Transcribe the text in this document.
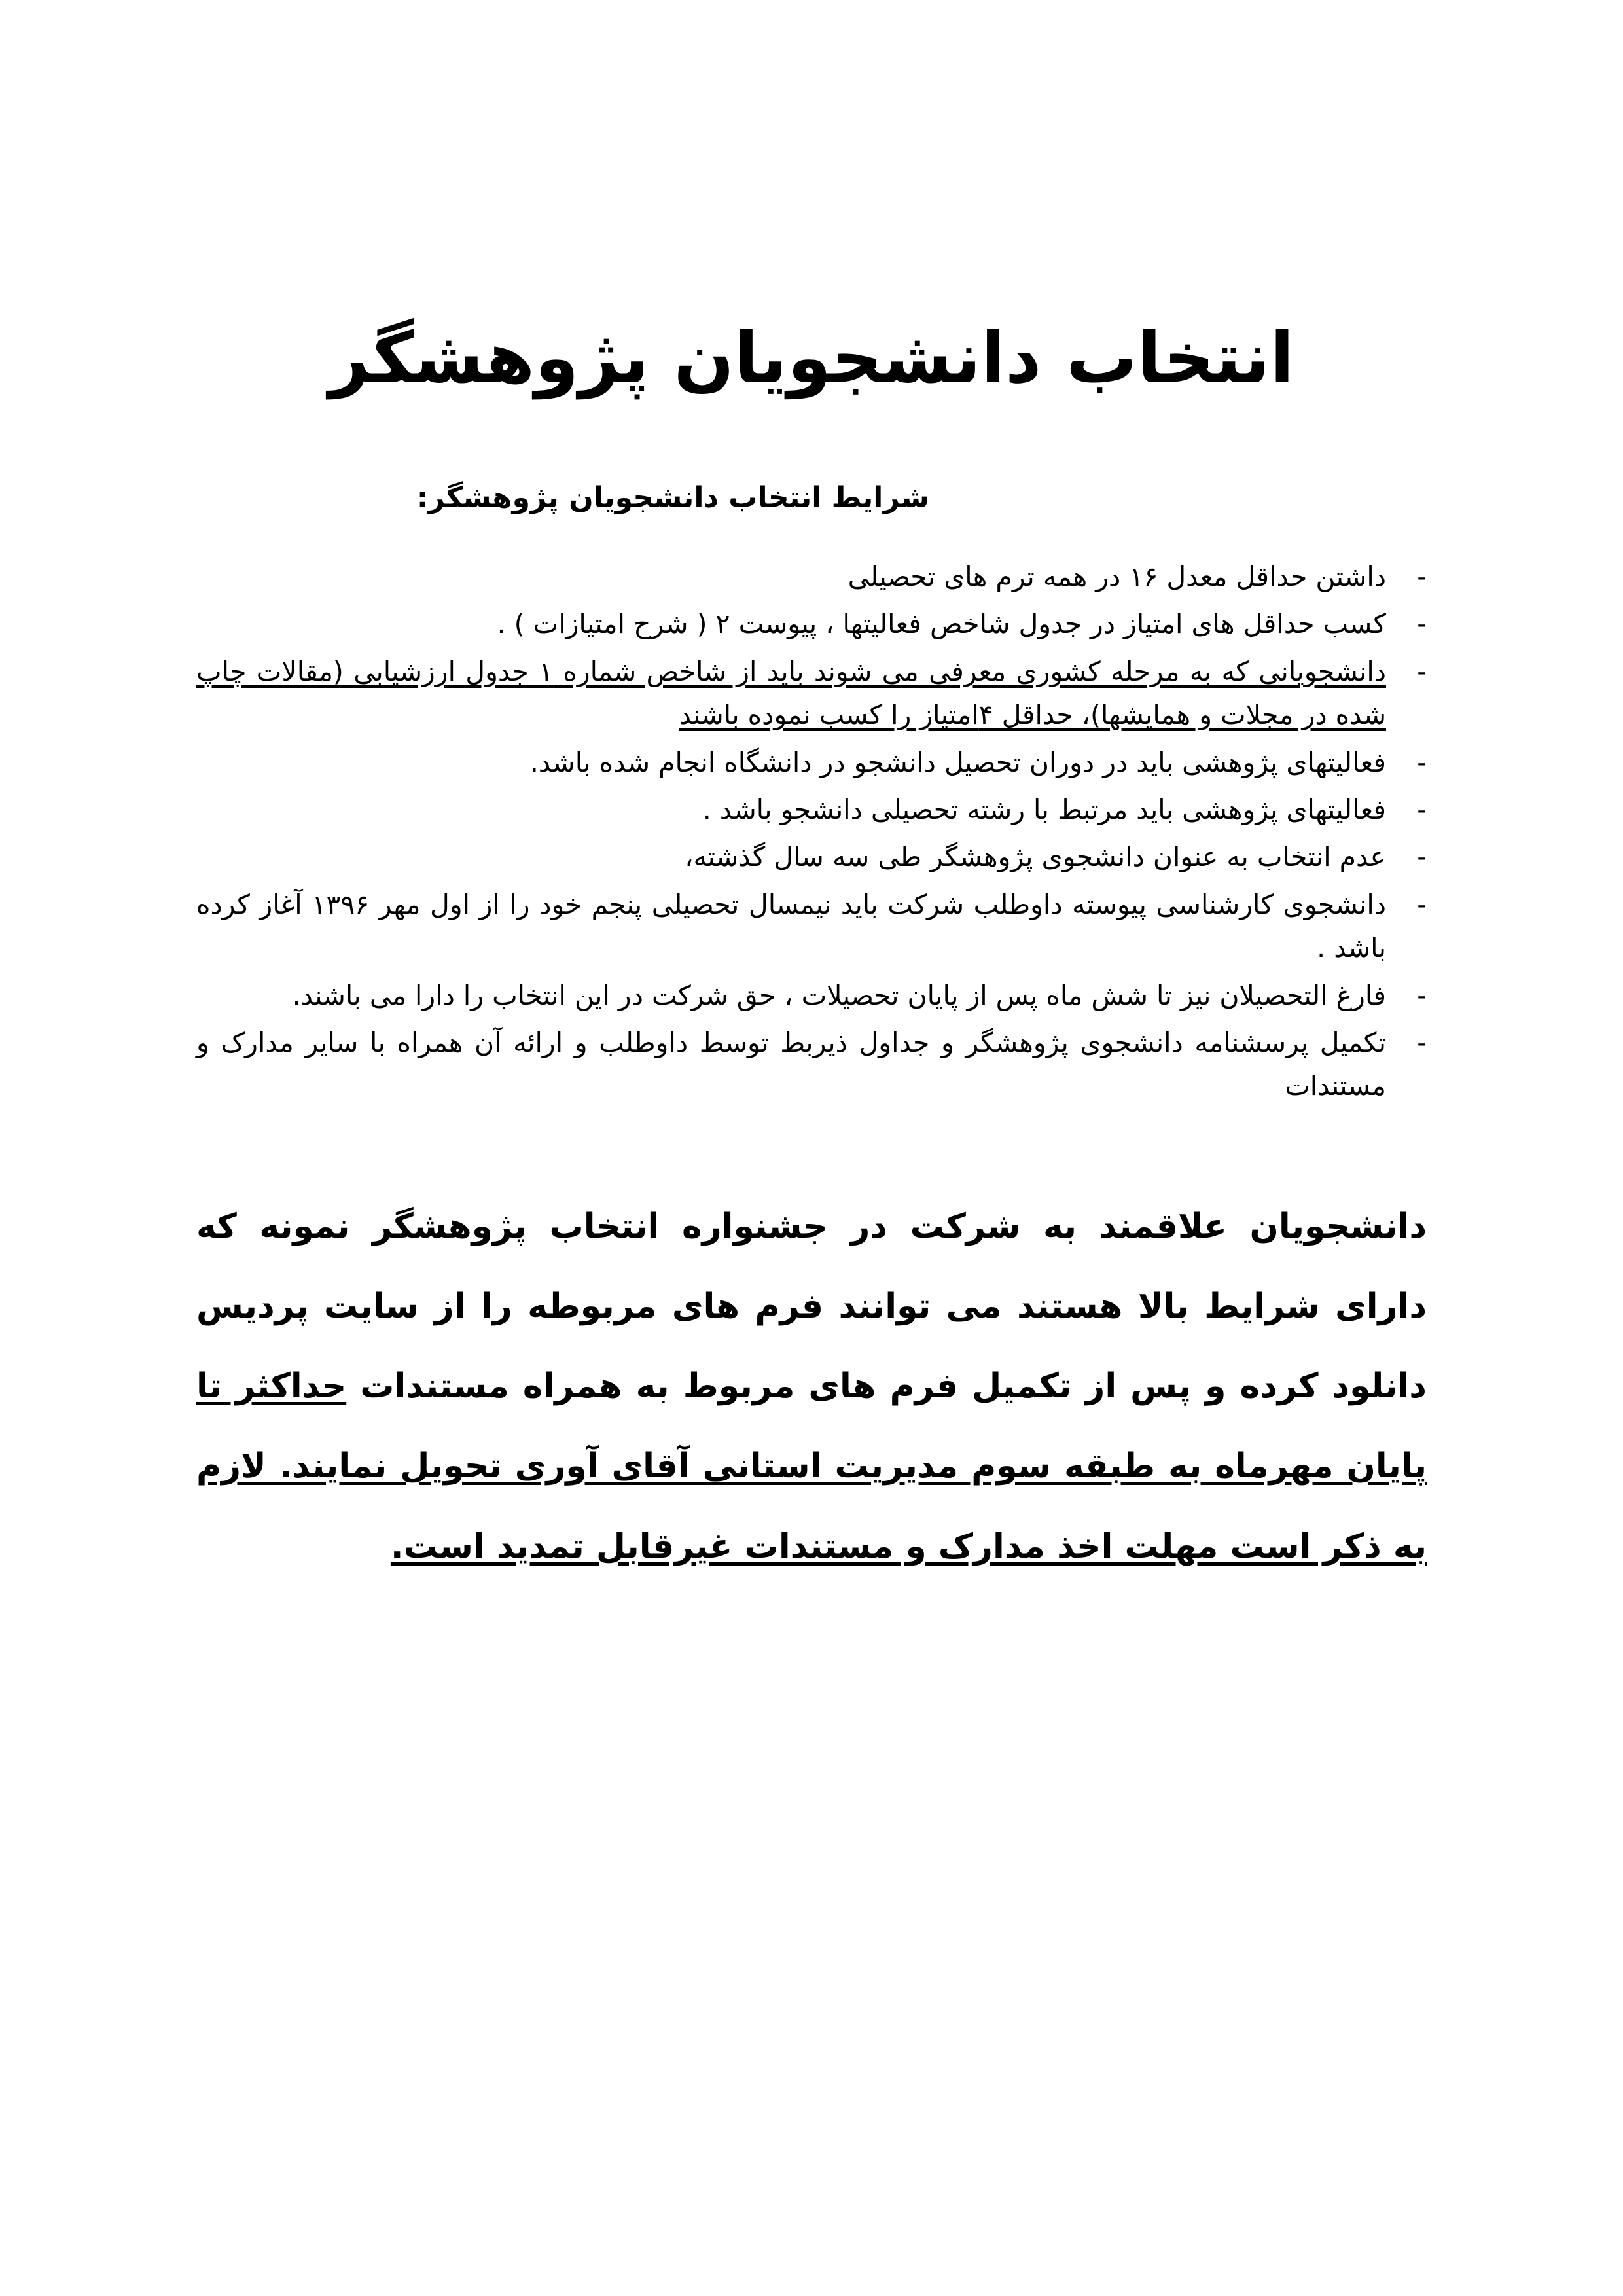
انتخاب دانشجویان پژوهشگر
شرایط انتخاب دانشجویان پژوهشگر:
-
داشتن حداقل معدل ۱۶ در همه ترم های تحصیلی
-
کسب حداقل های امتیاز در جدول شاخص فعالیتها ، پیوست ۲ ( شرح امتیازات ) .
-
دانشجویانی که به مرحله کشوری معرفی می شوند باید از شاخص شماره ۱ جدول ارزشیابی (مقالات چاپ شده در مجلات و همایشها)، حداقل ۴امتیاز را کسب نموده باشند
-
فعالیتهای پژوهشی باید در دوران تحصیل دانشجو در دانشگاه انجام شده باشد.
-
فعالیتهای پژوهشی باید مرتبط با رشته تحصیلی دانشجو باشد .
-
عدم انتخاب به عنوان دانشجوی پژوهشگر طی سه سال گذشته،
-
دانشجوی کارشناسی پیوسته داوطلب شرکت باید نیمسال تحصیلی پنجم خود را از اول مهر ۱۳۹۶ آغاز کرده باشد .
-
فارغ التحصیلان نیز تا شش ماه پس از پایان تحصیلات ، حق شرکت در این انتخاب را دارا می باشند.
-
تکمیل پرسشنامه دانشجوی پژوهشگر و جداول ذیربط توسط داوطلب و ارائه آن همراه با سایر مدارک و مستندات
دانشجویان علاقمند به شرکت در جشنواره انتخاب پژوهشگر نمونه که دارای شرایط بالا هستند می توانند فرم های مربوطه را از سایت پردیس دانلود کرده و پس از تکمیل فرم های مربوط به همراه مستندات حداکثر تا پایان مهرماه به طبقه سوم مدیریت استانی آقای آوری تحویل نمایند. لازم به ذکر است مهلت اخذ مدارک و مستندات غیرقابل تمدید است.
